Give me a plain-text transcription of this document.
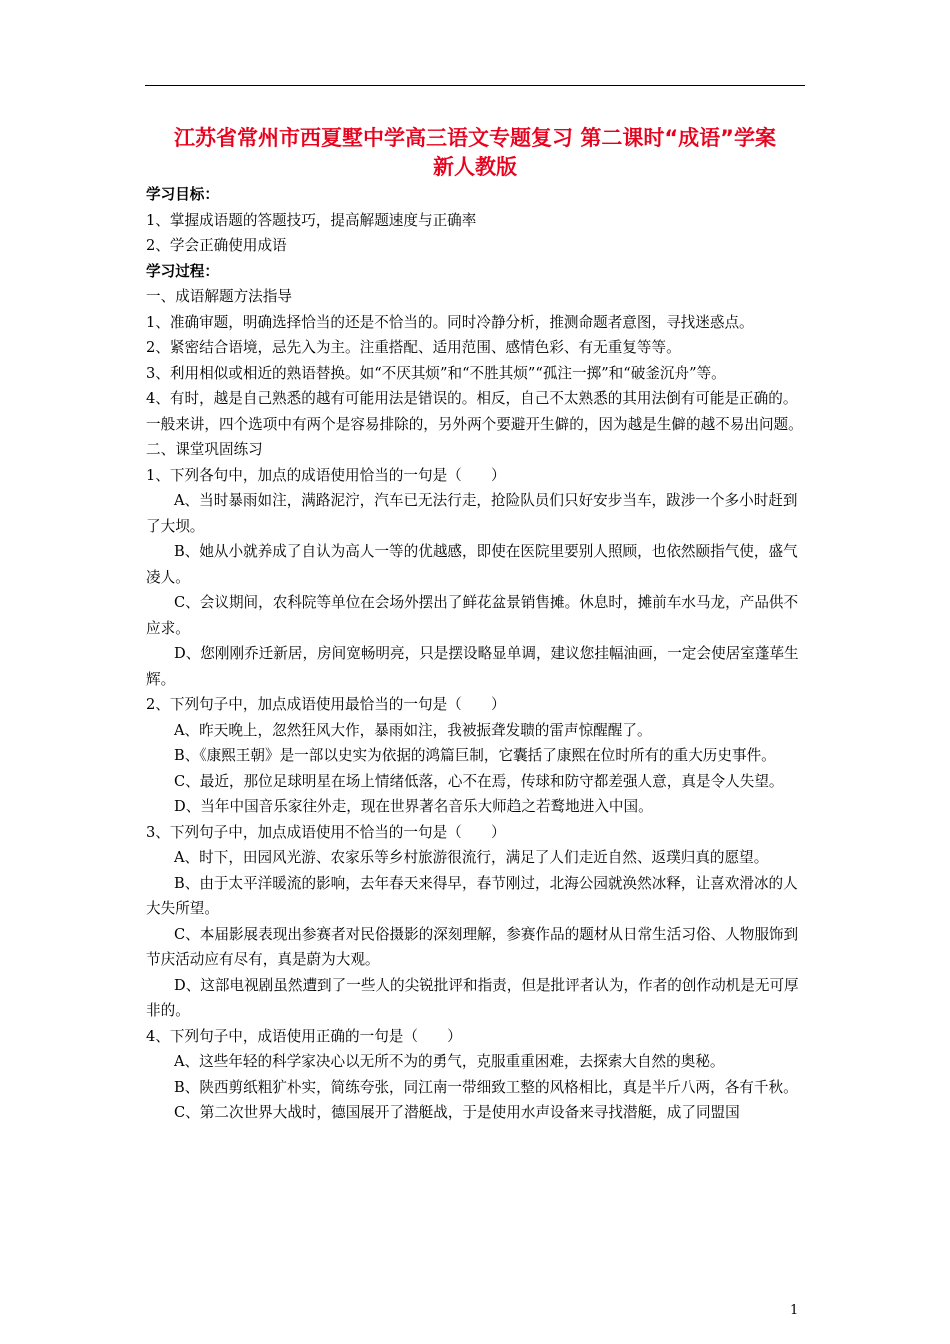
江苏省常州市西夏墅中学高三语文专题复习 第二课时“成语”学案
新人教版

学习目标：

1、掌握成语题的答题技巧，提高解题速度与正确率

2、学会正确使用成语

学习过程：

一、成语解题方法指导

1、准确审题，明确选择恰当的还是不恰当的。同时冷静分析，推测命题者意图，寻找迷惑点。

2、紧密结合语境，忌先入为主。注重搭配、适用范围、感情色彩、有无重复等等。

3、利用相似或相近的熟语替换。如“不厌其烦”和“不胜其烦”“孤注一掷”和“破釜沉舟”等。

4、有时，越是自己熟悉的越有可能用法是错误的。相反，自己不太熟悉的其用法倒有可能是正确的。一般来讲，四个选项中有两个是容易排除的，另外两个要避开生僻的，因为越是生僻的越不易出问题。

二、课堂巩固练习

1、下列各句中，加点的成语使用恰当的一句是（　　）

A、当时暴雨如注，满路泥泞，汽车已无法行走，抢险队员们只好安步当车，跋涉一个多小时赶到了大坝。

B、她从小就养成了自认为高人一等的优越感，即使在医院里要别人照顾，也依然颐指气使，盛气凌人。

C、会议期间，农科院等单位在会场外摆出了鲜花盆景销售摊。休息时，摊前车水马龙，产品供不应求。

D、您刚刚乔迁新居，房间宽畅明亮，只是摆设略显单调，建议您挂幅油画，一定会使居室蓬荜生辉。

2、下列句子中，加点成语使用最恰当的一句是（　　）

A、昨天晚上，忽然狂风大作，暴雨如注，我被振聋发聩的雷声惊醒醒了。

B、《康熙王朝》是一部以史实为依据的鸿篇巨制，它囊括了康熙在位时所有的重大历史事件。

C、最近，那位足球明星在场上情绪低落，心不在焉，传球和防守都差强人意，真是令人失望。

D、当年中国音乐家往外走，现在世界著名音乐大师趋之若鹜地进入中国。

3、下列句子中，加点成语使用不恰当的一句是（　　）

A、时下，田园风光游、农家乐等乡村旅游很流行，满足了人们走近自然、返璞归真的愿望。

B、由于太平洋暖流的影响，去年春天来得早，春节刚过，北海公园就涣然冰释，让喜欢滑冰的人大失所望。

C、本届影展表现出参赛者对民俗摄影的深刻理解，参赛作品的题材从日常生活习俗、人物服饰到节庆活动应有尽有，真是蔚为大观。

D、这部电视剧虽然遭到了一些人的尖锐批评和指责，但是批评者认为，作者的创作动机是无可厚非的。

4、下列句子中，成语使用正确的一句是（　　）

A、这些年轻的科学家决心以无所不为的勇气，克服重重困难，去探索大自然的奥秘。

B、陕西剪纸粗犷朴实，简练夸张，同江南一带细致工整的风格相比，真是半斤八两，各有千秋。

C、第二次世界大战时，德国展开了潜艇战，于是使用水声设备来寻找潜艇，成了同盟国

1
